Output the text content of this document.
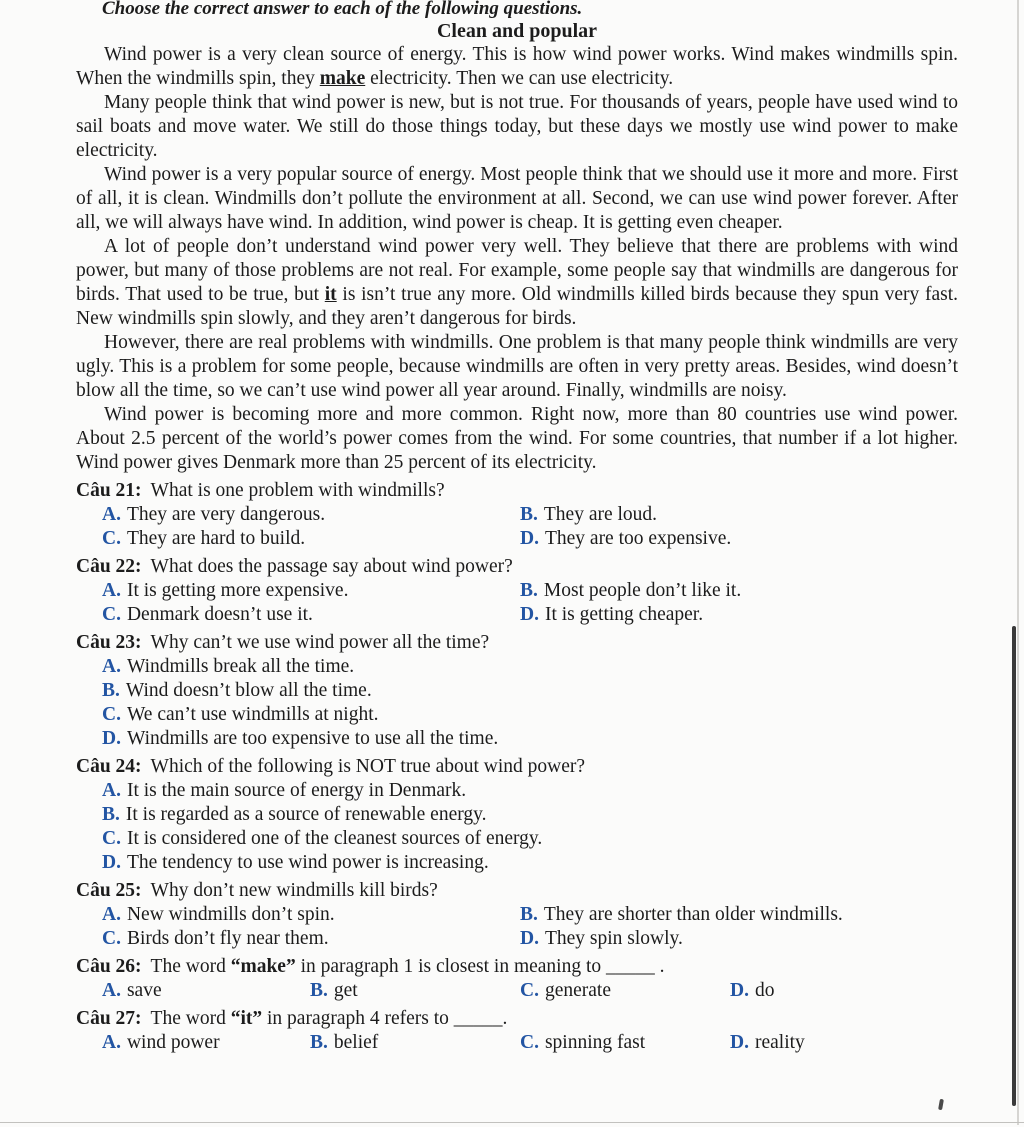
Choose the correct answer to each of the following questions.
Clean and popular

Wind power is a very clean source of energy. This is how wind power works. Wind makes windmills spin. When the windmills spin, they make electricity. Then we can use electricity.

Many people think that wind power is new, but is not true. For thousands of years, people have used wind to sail boats and move water. We still do those things today, but these days we mostly use wind power to make electricity.

Wind power is a very popular source of energy. Most people think that we should use it more and more. First of all, it is clean. Windmills don’t pollute the environment at all. Second, we can use wind power forever. After all, we will always have wind. In addition, wind power is cheap. It is getting even cheaper.

A lot of people don’t understand wind power very well. They believe that there are problems with wind power, but many of those problems are not real. For example, some people say that windmills are dangerous for birds. That used to be true, but it is isn’t true any more. Old windmills killed birds because they spun very fast. New windmills spin slowly, and they aren’t dangerous for birds.

However, there are real problems with windmills. One problem is that many people think windmills are very ugly. This is a problem for some people, because windmills are often in very pretty areas. Besides, wind doesn’t blow all the time, so we can’t use wind power all year around. Finally, windmills are noisy.

Wind power is becoming more and more common. Right now, more than 80 countries use wind power. About 2.5 percent of the world’s power comes from the wind. For some countries, that number if a lot higher. Wind power gives Denmark more than 25 percent of its electricity.

Câu 21: What is one problem with windmills?
A. They are very dangerous.	B. They are loud.
C. They are hard to build.	D. They are too expensive.
Câu 22: What does the passage say about wind power?
A. It is getting more expensive.	B. Most people don’t like it.
C. Denmark doesn’t use it.	D. It is getting cheaper.
Câu 23: Why can’t we use wind power all the time?
A. Windmills break all the time.
B. Wind doesn’t blow all the time.
C. We can’t use windmills at night.
D. Windmills are too expensive to use all the time.
Câu 24: Which of the following is NOT true about wind power?
A. It is the main source of energy in Denmark.
B. It is regarded as a source of renewable energy.
C. It is considered one of the cleanest sources of energy.
D. The tendency to use wind power is increasing.
Câu 25: Why don’t new windmills kill birds?
A. New windmills don’t spin.	B. They are shorter than older windmills.
C. Birds don’t fly near them.	D. They spin slowly.
Câu 26: The word “make” in paragraph 1 is closest in meaning to _____ .
A. save	B. get	C. generate	D. do
Câu 27: The word “it” in paragraph 4 refers to _____.
A. wind power	B. belief	C. spinning fast	D. reality
